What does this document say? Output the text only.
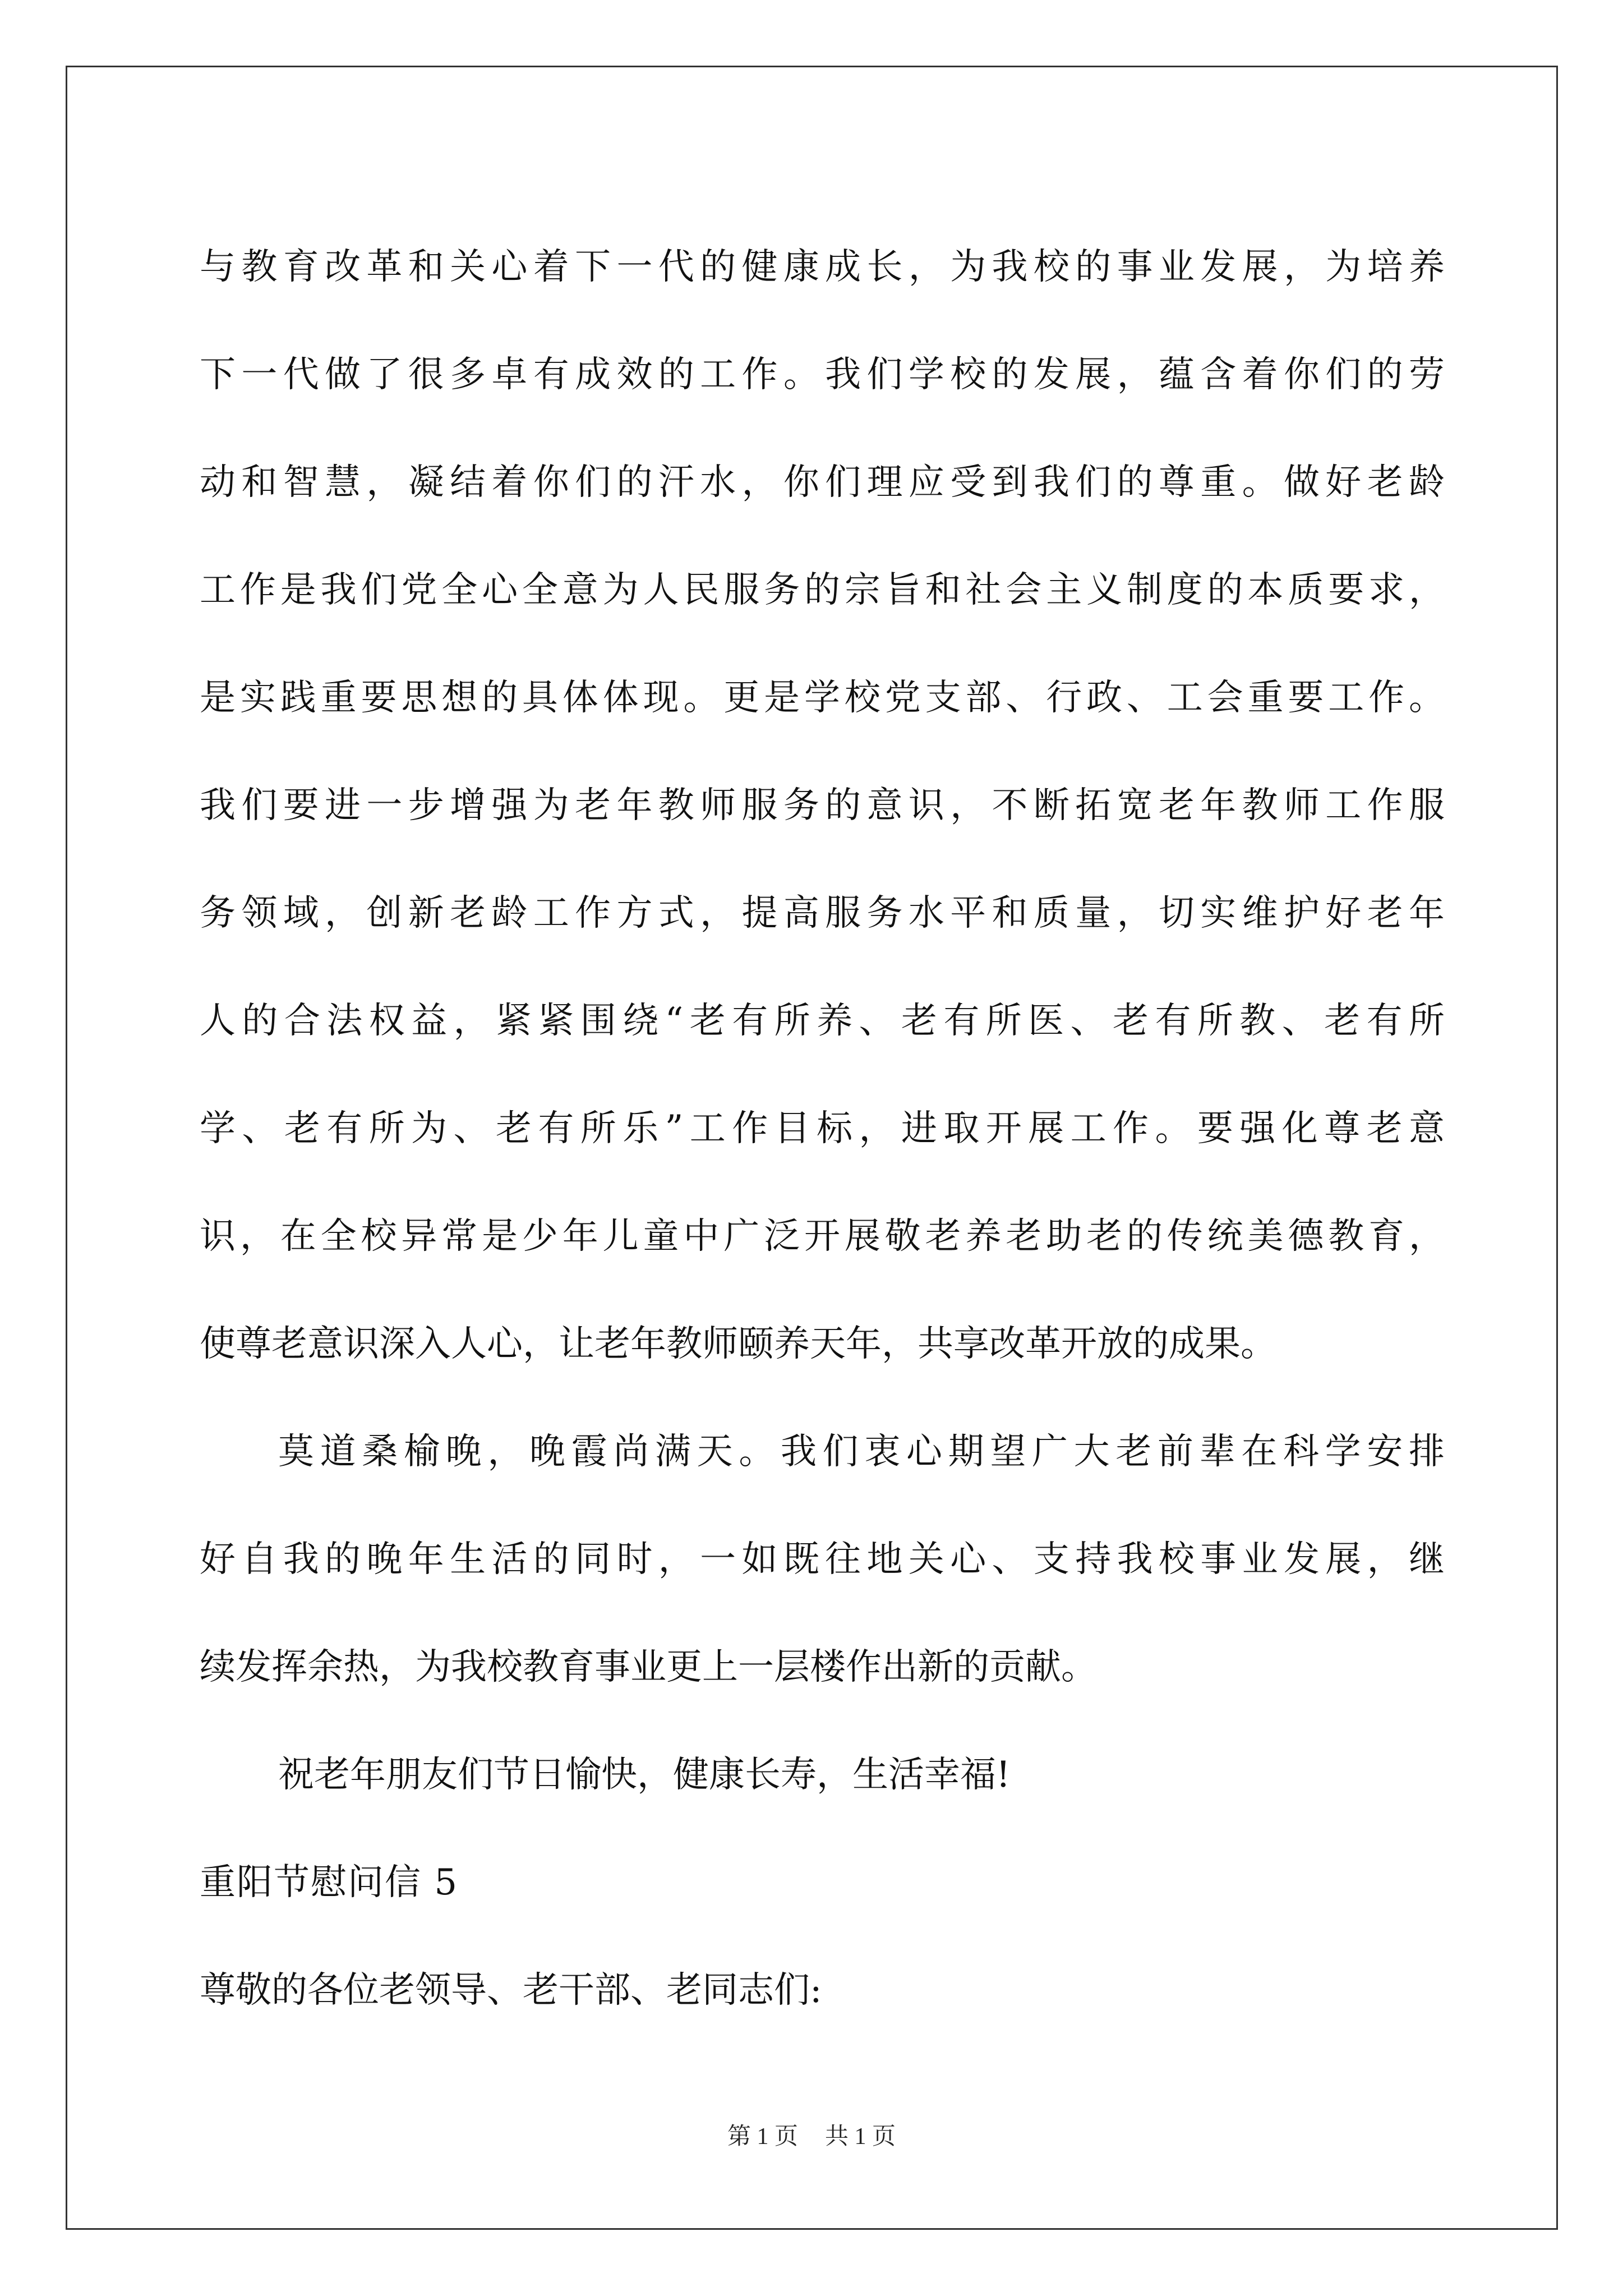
与教育改革和关心着下一代的健康成长，为我校的事业发展，为培养
下一代做了很多卓有成效的工作。我们学校的发展，蕴含着你们的劳
动和智慧，凝结着你们的汗水，你们理应受到我们的尊重。做好老龄
工作是我们党全心全意为人民服务的宗旨和社会主义制度的本质要求，
是实践重要思想的具体体现。更是学校党支部、行政、工会重要工作。
我们要进一步增强为老年教师服务的意识，不断拓宽老年教师工作服
务领域，创新老龄工作方式，提高服务水平和质量，切实维护好老年
人的合法权益，紧紧围绕“老有所养、老有所医、老有所教、老有所
学、老有所为、老有所乐”工作目标，进取开展工作。要强化尊老意
识，在全校异常是少年儿童中广泛开展敬老养老助老的传统美德教育，
使尊老意识深入人心，让老年教师颐养天年，共享改革开放的成果。
莫道桑榆晚，晚霞尚满天。我们衷心期望广大老前辈在科学安排
好自我的晚年生活的同时，一如既往地关心、支持我校事业发展，继
续发挥余热，为我校教育事业更上一层楼作出新的贡献。
祝老年朋友们节日愉快，健康长寿，生活幸福!
重阳节慰问信 5
尊敬的各位老领导、老干部、老同志们:
第 1 页 共 1 页
